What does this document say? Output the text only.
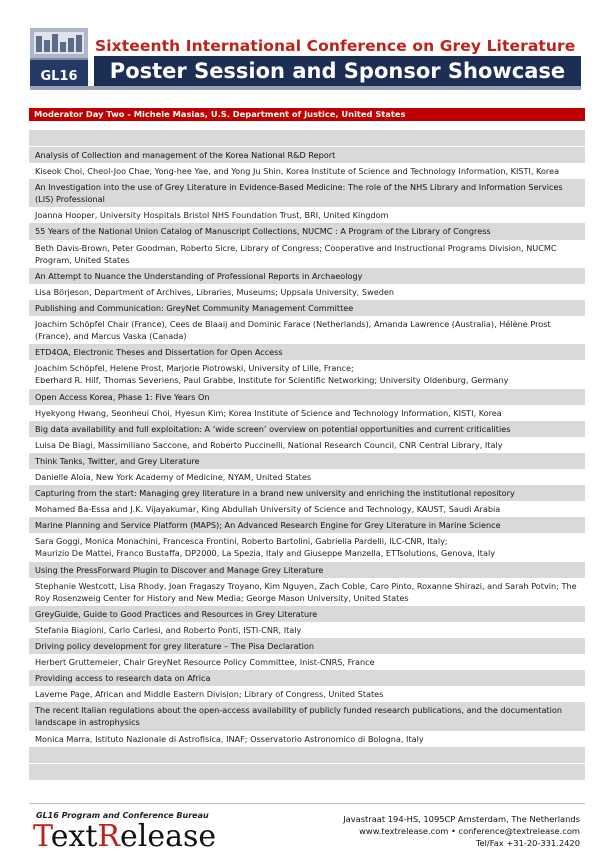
GL16
Sixteenth International Conference on Grey Literature
Poster Session and Sponsor Showcase
Moderator Day Two - Michele Masias, U.S. Department of Justice, United States
Analysis of Collection and management of the Korea National R&D Report
Kiseok Choi, Cheol-Joo Chae, Yong-hee Yae, and Yong Ju Shin, Korea Institute of Science and Technology Information, KISTI, Korea
An Investigation into the use of Grey Literature in Evidence-Based Medicine: The role of the NHS Library and Information Services (LIS) Professional
Joanna Hooper, University Hospitals Bristol NHS Foundation Trust, BRI, United Kingdom
55 Years of the National Union Catalog of Manuscript Collections, NUCMC : A Program of the Library of Congress
Beth Davis-Brown, Peter Goodman, Roberto Sicre, Library of Congress; Cooperative and Instructional Programs Division, NUCMC Program, United States
An Attempt to Nuance the Understanding of Professional Reports in Archaeology
Lisa Börjeson, Department of Archives, Libraries, Museums; Uppsala University, Sweden
Publishing and Communication: GreyNet Community Management Committee
Joachim Schöpfel Chair (France), Cees de Blaaij and Dominic Farace (Netherlands), Amanda Lawrence (Australia), Hélène Prost (France), and Marcus Vaska (Canada)
ETD4OA, Electronic Theses and Dissertation for Open Access
Joachim Schöpfel, Helene Prost, Marjorie Piotrowski, University of Lille, France;
Eberhard R. Hilf, Thomas Severiens, Paul Grabbe, Institute for Scientific Networking; University Oldenburg, Germany
Open Access Korea, Phase 1: Five Years On
Hyekyong Hwang, Seonheui Choi, Hyesun Kim; Korea Institute of Science and Technology Information, KISTI, Korea
Big data availability and full exploitation: A ‘wide screen’ overview on potential opportunities and current criticalities
Luisa De Biagi, Massimiliano Saccone, and Roberto Puccinelli, National Research Council, CNR Central Library, Italy
Think Tanks, Twitter, and Grey Literature
Danielle Aloia, New York Academy of Medicine, NYAM, United States
Capturing from the start: Managing grey literature in a brand new university and enriching the institutional repository
Mohamed Ba-Essa and J.K. Vijayakumar, King Abdullah University of Science and Technology, KAUST, Saudi Arabia
Marine Planning and Service Platform (MAPS); An Advanced Research Engine for Grey Literature in Marine Science
Sara Goggi, Monica Monachini, Francesca Frontini, Roberto Bartolini, Gabriella Pardelli, ILC-CNR, Italy;
Maurizio De Mattei, Franco Bustaffa, DP2000, La Spezia, Italy and Giuseppe Manzella, ETTsolutions, Genova, Italy
Using the PressForward Plugin to Discover and Manage Grey Literature
Stephanie Westcott, Lisa Rhody, Joan Fragaszy Troyano, Kim Nguyen, Zach Coble, Caro Pinto, Roxanne Shirazi, and Sarah Potvin; The Roy Rosenzweig Center for History and New Media; George Mason University, United States
GreyGuide, Guide to Good Practices and Resources in Grey Literature
Stefania Biagioni, Carlo Carlesi, and Roberto Ponti, ISTI-CNR, Italy
Driving policy development for grey literature – The Pisa Declaration
Herbert Gruttemeier, Chair GreyNet Resource Policy Committee, Inist-CNRS, France
Providing access to research data on Africa
Laverne Page, African and Middle Eastern Division; Library of Congress, United States
The recent Italian regulations about the open-access availability of publicly funded research publications, and the documentation landscape in astrophysics
Monica Marra, Istituto Nazionale di Astrofisica, INAF; Osservatorio Astronomico di Bologna, Italy
GL16 Program and Conference Bureau
TextRelease	Javastraat 194-HS, 1095CP Amsterdam, The Netherlands
www.textrelease.com • conference@textrelease.com
Tel/Fax +31-20-331.2420
